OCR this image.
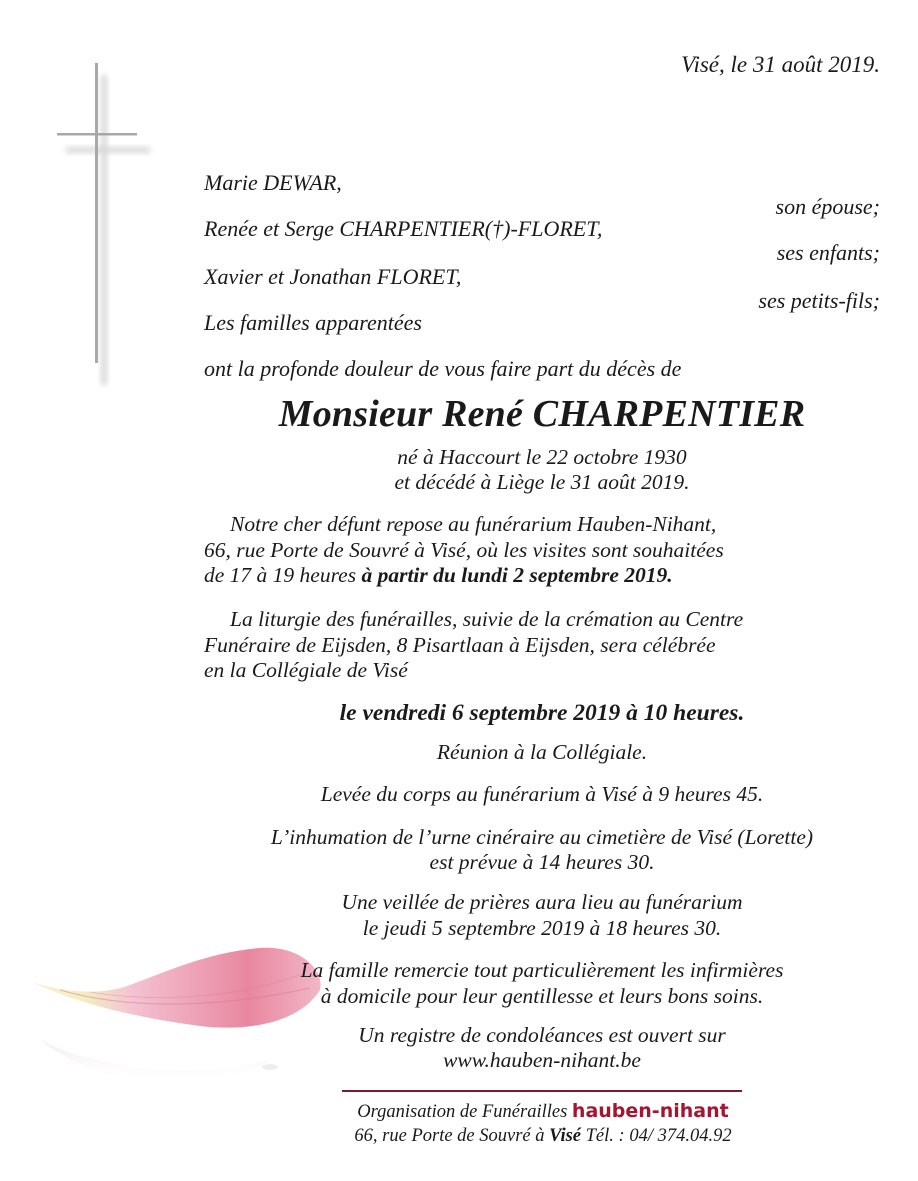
Visé, le 31 août 2019.
Marie DEWAR,
son épouse;
Renée et Serge CHARPENTIER(†)-FLORET,
ses enfants;
Xavier et Jonathan FLORET,
ses petits-fils;
Les familles apparentées
ont la profonde douleur de vous faire part du décès de
Monsieur René CHARPENTIER
né à Haccourt le 22 octobre 1930
et décédé à Liège le 31 août 2019.
Notre cher défunt repose au funérarium Hauben-Nihant,
66, rue Porte de Souvré à Visé, où les visites sont souhaitées
de 17 à 19 heures à partir du lundi 2 septembre 2019.
La liturgie des funérailles, suivie de la crémation au Centre
Funéraire de Eijsden, 8 Pisartlaan à Eijsden, sera célébrée
en la Collégiale de Visé
le vendredi 6 septembre 2019 à 10 heures.
Réunion à la Collégiale.
Levée du corps au funérarium à Visé à 9 heures 45.
L’inhumation de l’urne cinéraire au cimetière de Visé (Lorette)
est prévue à 14 heures 30.
Une veillée de prières aura lieu au funérarium
le jeudi 5 septembre 2019 à 18 heures 30.
La famille remercie tout particulièrement les infirmières
à domicile pour leur gentillesse et leurs bons soins.
Un registre de condoléances est ouvert sur
www.hauben-nihant.be
Organisation de Funérailles hauben-nihant
66, rue Porte de Souvré à Visé Tél. : 04/ 374.04.92
